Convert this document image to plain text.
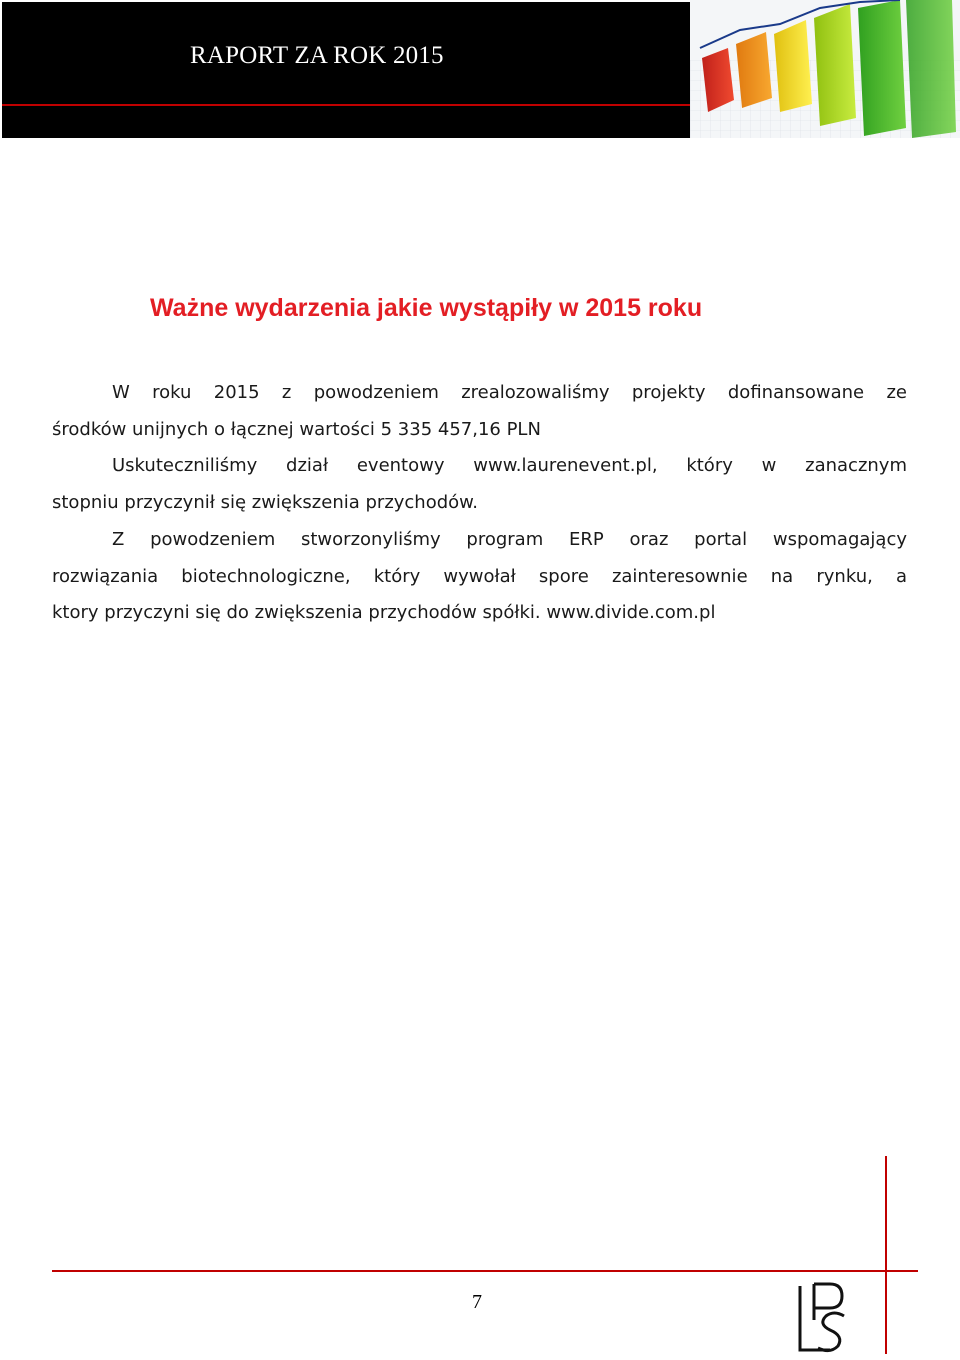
RAPORT ZA ROK 2015
Ważne wydarzenia jakie wystąpiły w 2015 roku
W roku 2015 z powodzeniem zrealozowaliśmy projekty dofinansowane ze
środków unijnych o łącznej wartości 5 335 457,16 PLN
Uskuteczniliśmy dział eventowy www.laurenevent.pl, który w zanacznym
stopniu przyczynił się zwiększenia przychodów.
Z powodzeniem stworzonyliśmy program ERP oraz portal wspomagający
rozwiązania biotechnologiczne, który wywołał spore zainteresownie na rynku, a
ktory przyczyni się do zwiększenia przychodów spółki. www.divide.com.pl
7
